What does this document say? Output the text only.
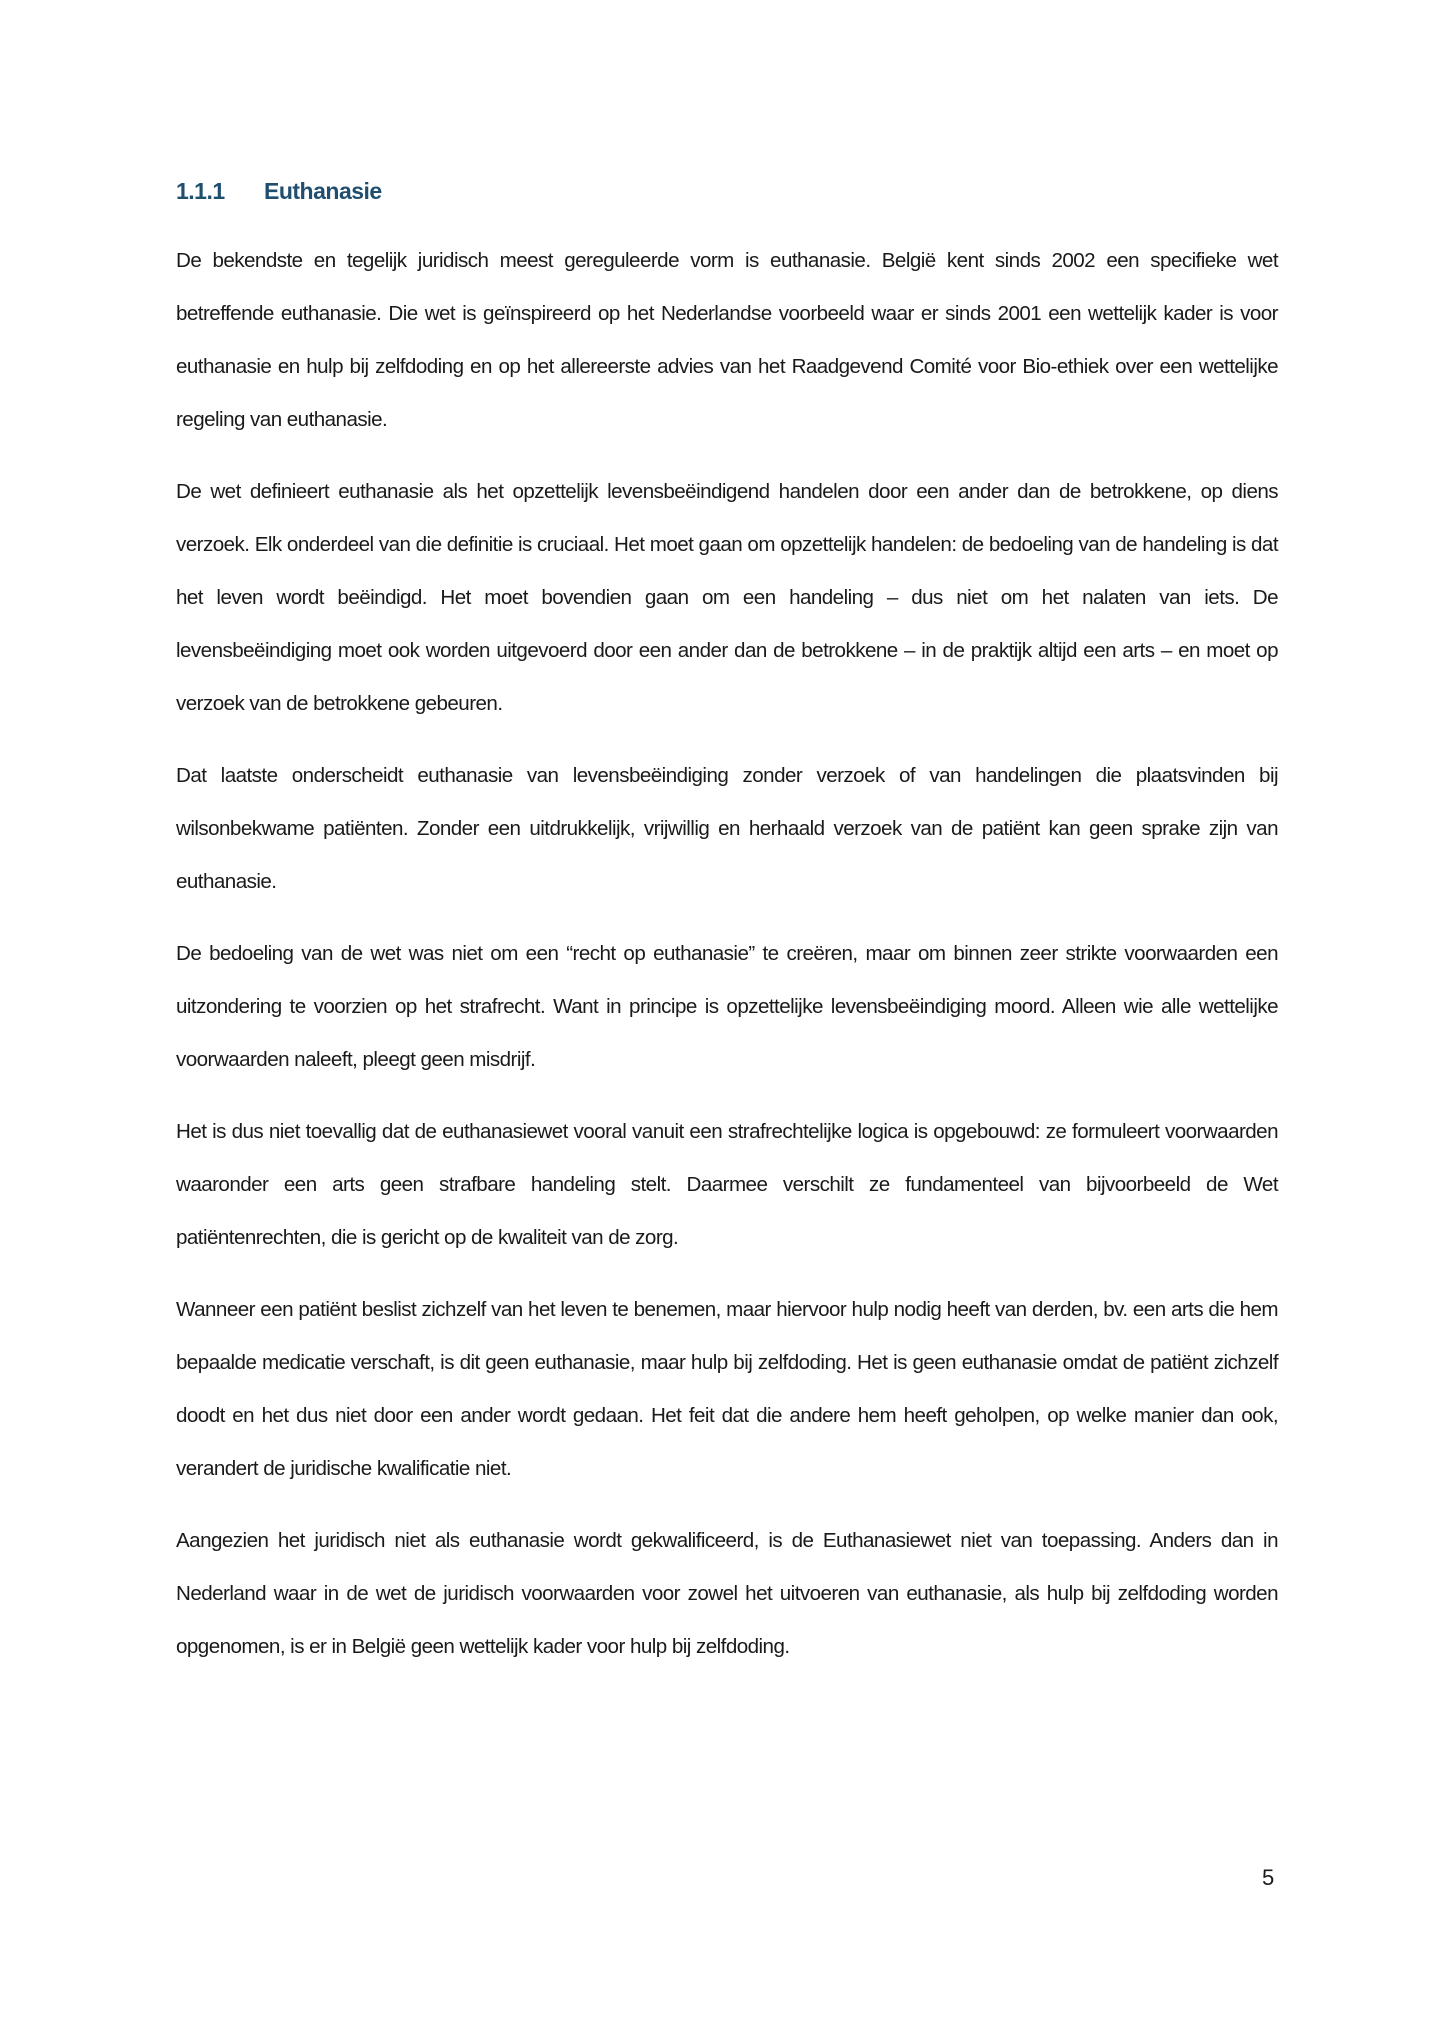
1.1.1 Euthanasie

De bekendste en tegelijk juridisch meest gereguleerde vorm is euthanasie. België kent sinds 2002 een specifieke wet betreffende euthanasie. Die wet is geïnspireerd op het Nederlandse voorbeeld waar er sinds 2001 een wettelijk kader is voor euthanasie en hulp bij zelfdoding en op het allereerste advies van het Raadgevend Comité voor Bio-ethiek over een wettelijke regeling van euthanasie.

De wet definieert euthanasie als het opzettelijk levensbeëindigend handelen door een ander dan de betrokkene, op diens verzoek. Elk onderdeel van die definitie is cruciaal. Het moet gaan om opzettelijk handelen: de bedoeling van de handeling is dat het leven wordt beëindigd. Het moet bovendien gaan om een handeling – dus niet om het nalaten van iets. De levensbeëindiging moet ook worden uitgevoerd door een ander dan de betrokkene – in de praktijk altijd een arts – en moet op verzoek van de betrokkene gebeuren.

Dat laatste onderscheidt euthanasie van levensbeëindiging zonder verzoek of van handelingen die plaatsvinden bij wilsonbekwame patiënten. Zonder een uitdrukkelijk, vrijwillig en herhaald verzoek van de patiënt kan geen sprake zijn van euthanasie.

De bedoeling van de wet was niet om een “recht op euthanasie” te creëren, maar om binnen zeer strikte voorwaarden een uitzondering te voorzien op het strafrecht. Want in principe is opzettelijke levensbeëindiging moord. Alleen wie alle wettelijke voorwaarden naleeft, pleegt geen misdrijf.

Het is dus niet toevallig dat de euthanasiewet vooral vanuit een strafrechtelijke logica is opgebouwd: ze formuleert voorwaarden waaronder een arts geen strafbare handeling stelt. Daarmee verschilt ze fundamenteel van bijvoorbeeld de Wet patiëntenrechten, die is gericht op de kwaliteit van de zorg.

Wanneer een patiënt beslist zichzelf van het leven te benemen, maar hiervoor hulp nodig heeft van derden, bv. een arts die hem bepaalde medicatie verschaft, is dit geen euthanasie, maar hulp bij zelfdoding. Het is geen euthanasie omdat de patiënt zichzelf doodt en het dus niet door een ander wordt gedaan. Het feit dat die andere hem heeft geholpen, op welke manier dan ook, verandert de juridische kwalificatie niet.

Aangezien het juridisch niet als euthanasie wordt gekwalificeerd, is de Euthanasiewet niet van toepassing. Anders dan in Nederland waar in de wet de juridisch voorwaarden voor zowel het uitvoeren van euthanasie, als hulp bij zelfdoding worden opgenomen, is er in België geen wettelijk kader voor hulp bij zelfdoding.

5
